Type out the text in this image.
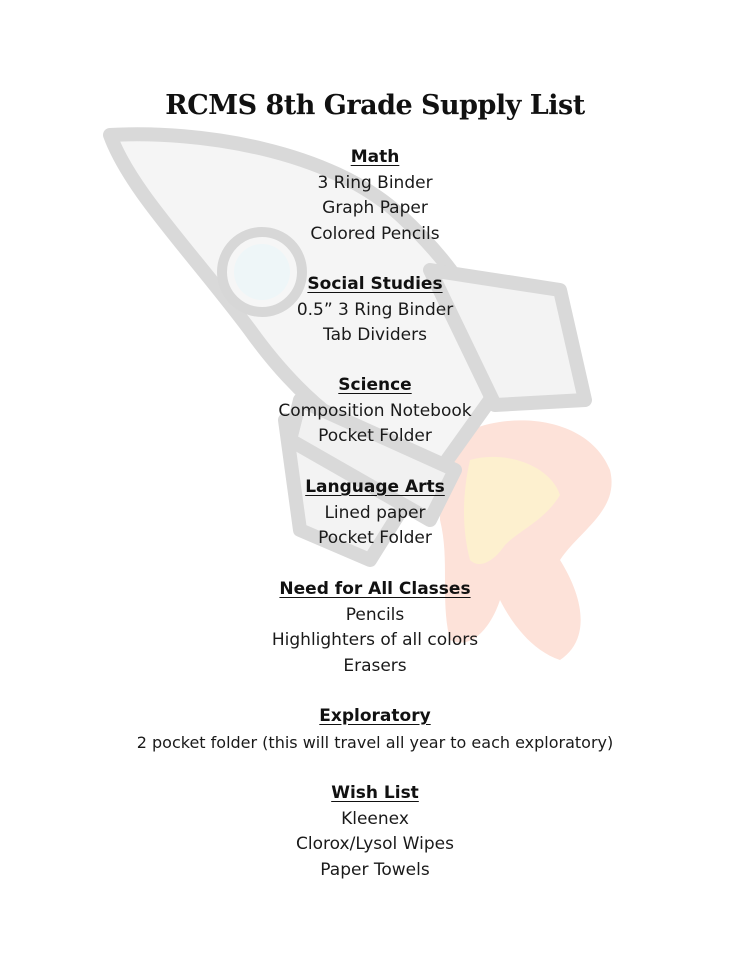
RCMS 8th Grade Supply List

Math

3 Ring Binder

Graph Paper

Colored Pencils

Social Studies

0.5” 3 Ring Binder

Tab Dividers

Science

Composition Notebook

Pocket Folder

Language Arts

Lined paper

Pocket Folder

Need for All Classes

Pencils

Highlighters of all colors

Erasers

Exploratory

2 pocket folder (this will travel all year to each exploratory)

Wish List

Kleenex

Clorox/Lysol Wipes

Paper Towels
